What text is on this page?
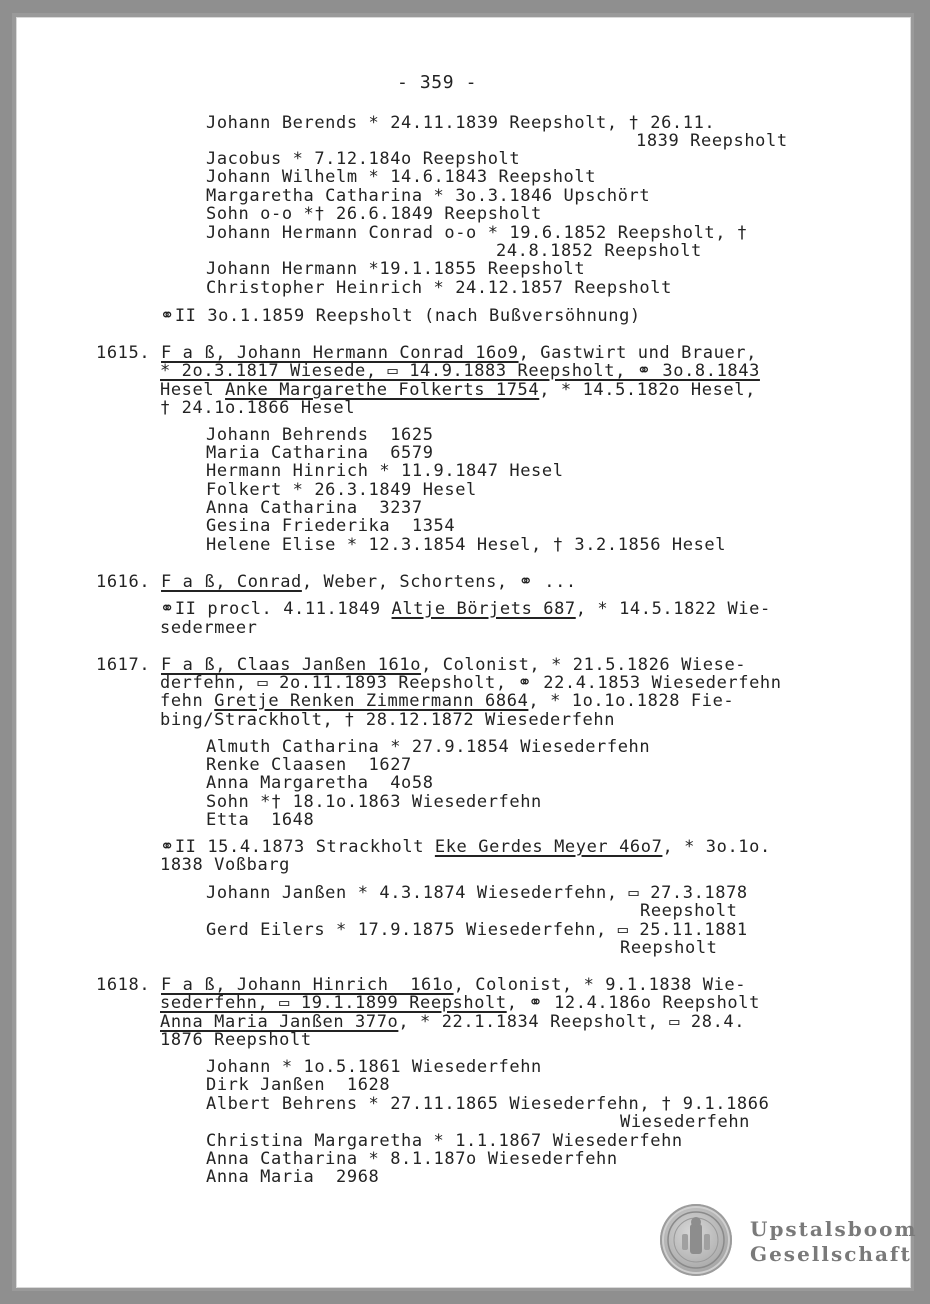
- 359 -
Johann Berends * 24.11.1839 Reepsholt, † 26.11.
1839 Reepsholt
Jacobus * 7.12.184o Reepsholt
Johann Wilhelm * 14.6.1843 Reepsholt
Margaretha Catharina * 3o.3.1846 Upschört
Sohn o-o *† 26.6.1849 Reepsholt
Johann Hermann Conrad o-o * 19.6.1852 Reepsholt, †
24.8.1852 Reepsholt
Johann Hermann *19.1.1855 Reepsholt
Christopher Heinrich * 24.12.1857 Reepsholt
⚭II 3o.1.1859 Reepsholt (nach Bußversöhnung)
1615. F a ß, Johann Hermann Conrad 16o9, Gastwirt und Brauer,
* 2o.3.1817 Wiesede, ▭ 14.9.1883 Reepsholt, ⚭ 3o.8.1843
Hesel Anke Margarethe Folkerts 1754, * 14.5.182o Hesel,
† 24.1o.1866 Hesel
Johann Behrends  1625
Maria Catharina  6579
Hermann Hinrich * 11.9.1847 Hesel
Folkert * 26.3.1849 Hesel
Anna Catharina  3237
Gesina Friederika  1354
Helene Elise * 12.3.1854 Hesel, † 3.2.1856 Hesel
1616. F a ß, Conrad, Weber, Schortens, ⚭ ...
⚭II procl. 4.11.1849 Altje Börjets 687, * 14.5.1822 Wie-
sedermeer
1617. F a ß, Claas Janßen 161o, Colonist, * 21.5.1826 Wiese-
derfehn, ▭ 2o.11.1893 Reepsholt, ⚭ 22.4.1853 Wiesederfehn
fehn Gretje Renken Zimmermann 6864, * 1o.1o.1828 Fie-
bing/Strackholt, † 28.12.1872 Wiesederfehn
Almuth Catharina * 27.9.1854 Wiesederfehn
Renke Claasen  1627
Anna Margaretha  4o58
Sohn *† 18.1o.1863 Wiesederfehn
Etta  1648
⚭II 15.4.1873 Strackholt Eke Gerdes Meyer 46o7, * 3o.1o.
1838 Voßbarg
Johann Janßen * 4.3.1874 Wiesederfehn, ▭ 27.3.1878
Reepsholt
Gerd Eilers * 17.9.1875 Wiesederfehn, ▭ 25.11.1881
Reepsholt
1618. F a ß, Johann Hinrich  161o, Colonist, * 9.1.1838 Wie-
sederfehn, ▭ 19.1.1899 Reepsholt, ⚭ 12.4.186o Reepsholt
Anna Maria Janßen 377o, * 22.1.1834 Reepsholt, ▭ 28.4.
1876 Reepsholt
Johann * 1o.5.1861 Wiesederfehn
Dirk Janßen  1628
Albert Behrens * 27.11.1865 Wiesederfehn, † 9.1.1866
Wiesederfehn
Christina Margaretha * 1.1.1867 Wiesederfehn
Anna Catharina * 8.1.187o Wiesederfehn
Anna Maria  2968
Upstalsboom
Gesellschaft
